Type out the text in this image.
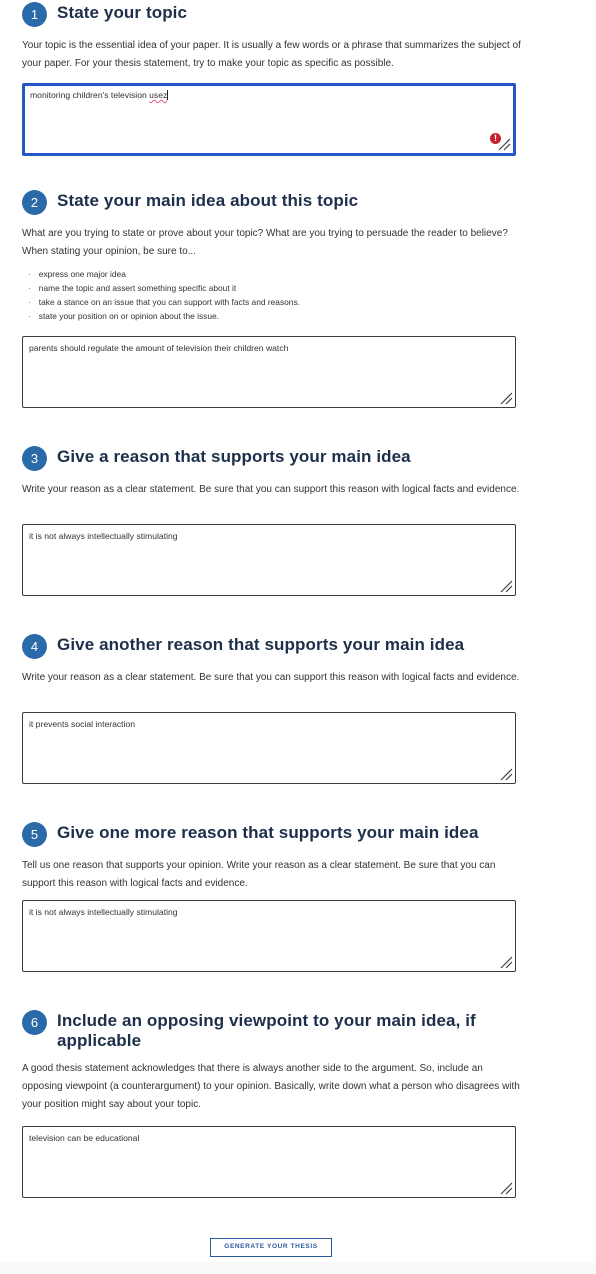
1	State your topic
Your topic is the essential idea of your paper. It is usually a few words or a phrase that summarizes the subject of your paper. For your thesis statement, try to make your topic as specific as possible.
monitoring children's television usez
!
2	State your main idea about this topic
What are you trying to state or prove about your topic? What are you trying to persuade the reader to believe? When stating your opinion, be sure to...
· express one major idea
· name the topic and assert something specific about it
· take a stance on an issue that you can support with facts and reasons.
· state your position on or opinion about the issue.
parents should regulate the amount of television their children watch
3	Give a reason that supports your main idea
Write your reason as a clear statement. Be sure that you can support this reason with logical facts and evidence.
it is not always intellectually stimulating
4	Give another reason that supports your main idea
Write your reason as a clear statement. Be sure that you can support this reason with logical facts and evidence.
it prevents social interaction
5	Give one more reason that supports your main idea
Tell us one reason that supports your opinion. Write your reason as a clear statement. Be sure that you can support this reason with logical facts and evidence.
it is not always intellectually stimulating
6	Include an opposing viewpoint to your main idea, if applicable
A good thesis statement acknowledges that there is always another side to the argument. So, include an opposing viewpoint (a counterargument) to your opinion. Basically, write down what a person who disagrees with your position might say about your topic.
television can be educational
GENERATE YOUR THESIS
